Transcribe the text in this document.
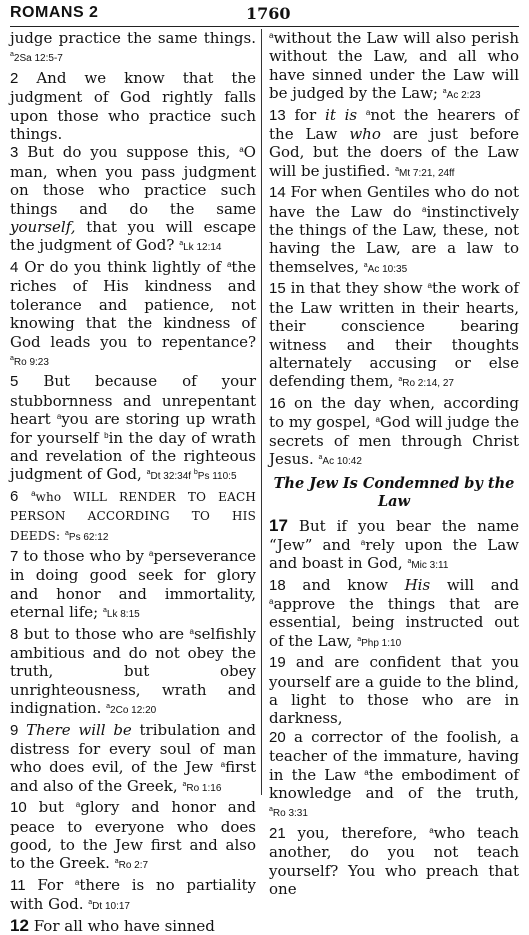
ROMANS 2	1760

judge practice the same things. $^a$2Sa 12:5-7

2 And we know that the judgment of God rightly falls upon those who practice such things.

3 But do you suppose this, $^a$O man, when you pass judgment on those who practice such things and do the same yourself, that you will escape the judgment of God? $^a$Lk 12:14

4 Or do you think lightly of $^a$the riches of His kindness and tolerance and patience, not knowing that the kindness of God leads you to repentance? $^a$Ro 9:23

5 But because of your stubbornness and unrepentant heart $^a$you are storing up wrath for yourself $^b$in the day of wrath and revelation of the righteous judgment of God, $^a$Dt 32:34f $^b$Ps 110:5

6 $^a$who WILL RENDER TO EACH PERSON ACCORDING TO HIS DEEDS: $^a$Ps 62:12

7 to those who by $^a$perseverance in doing good seek for glory and honor and immortality, eternal life; $^a$Lk 8:15

8 but to those who are $^a$selfishly ambitious and do not obey the truth, but obey unrighteousness, wrath and indignation. $^a$2Co 12:20

9 There will be tribulation and distress for every soul of man who does evil, of the Jew $^a$first and also of the Greek, $^a$Ro 1:16

10 but $^a$glory and honor and peace to everyone who does good, to the Jew first and also to the Greek. $^a$Ro 2:7

11 For $^a$there is no partiality with God. $^a$Dt 10:17

12 For all who have sinned

$^a$without the Law will also perish without the Law, and all who have sinned under the Law will be judged by the Law; $^a$Ac 2:23

13 for it is $^a$not the hearers of the Law who are just before God, but the doers of the Law will be justified. $^a$Mt 7:21, 24ff

14 For when Gentiles who do not have the Law do $^a$instinctively the things of the Law, these, not having the Law, are a law to themselves, $^a$Ac 10:35

15 in that they show $^a$the work of the Law written in their hearts, their conscience bearing witness and their thoughts alternately accusing or else defending them, $^a$Ro 2:14, 27

16 on the day when, according to my gospel, $^a$God will judge the secrets of men through Christ Jesus. $^a$Ac 10:42

The Jew Is Condemned by the Law

17 But if you bear the name “Jew” and $^a$rely upon the Law and boast in God, $^a$Mic 3:11

18 and know His will and $^a$approve the things that are essential, being instructed out of the Law, $^a$Php 1:10

19 and are confident that you yourself are a guide to the blind, a light to those who are in darkness,

20 a corrector of the foolish, a teacher of the immature, having in the Law $^a$the embodiment of knowledge and of the truth, $^a$Ro 3:31

21 you, therefore, $^a$who teach another, do you not teach yourself? You who preach that one
